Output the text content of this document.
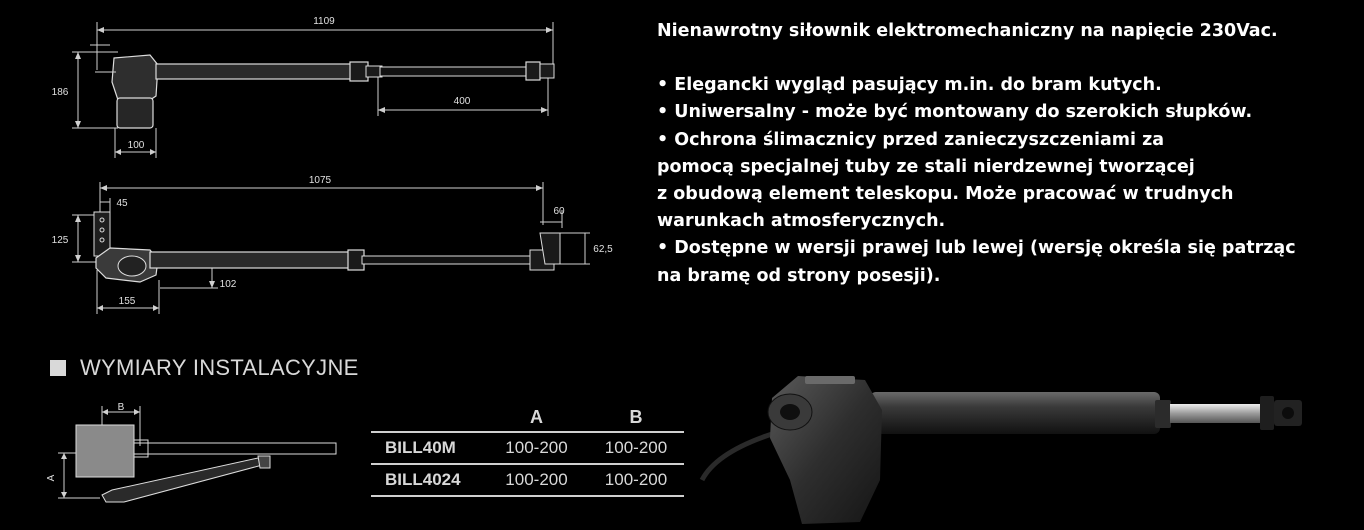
1109
186
400
100
1075
45
125
60
62,5
102
155
Nienawrotny siłownik elektromechaniczny na napięcie 230Vac.
• Elegancki wygląd pasujący m.in. do bram kutych.
• Uniwersalny - może być montowany do szerokich słupków.
• Ochrona ślimacznicy przed zanieczyszczeniami za
pomocą specjalnej tuby ze stali nierdzewnej tworzącej
z obudową element teleskopu. Może pracować w trudnych
warunkach atmosferycznych.
• Dostępne w wersji prawej lub lewej (wersję określa się patrząc
na bramę od strony posesji).
WYMIARY INSTALACYJNE
B
A
	A	B
BILL40M	100-200	100-200
BILL4024	100-200	100-200
